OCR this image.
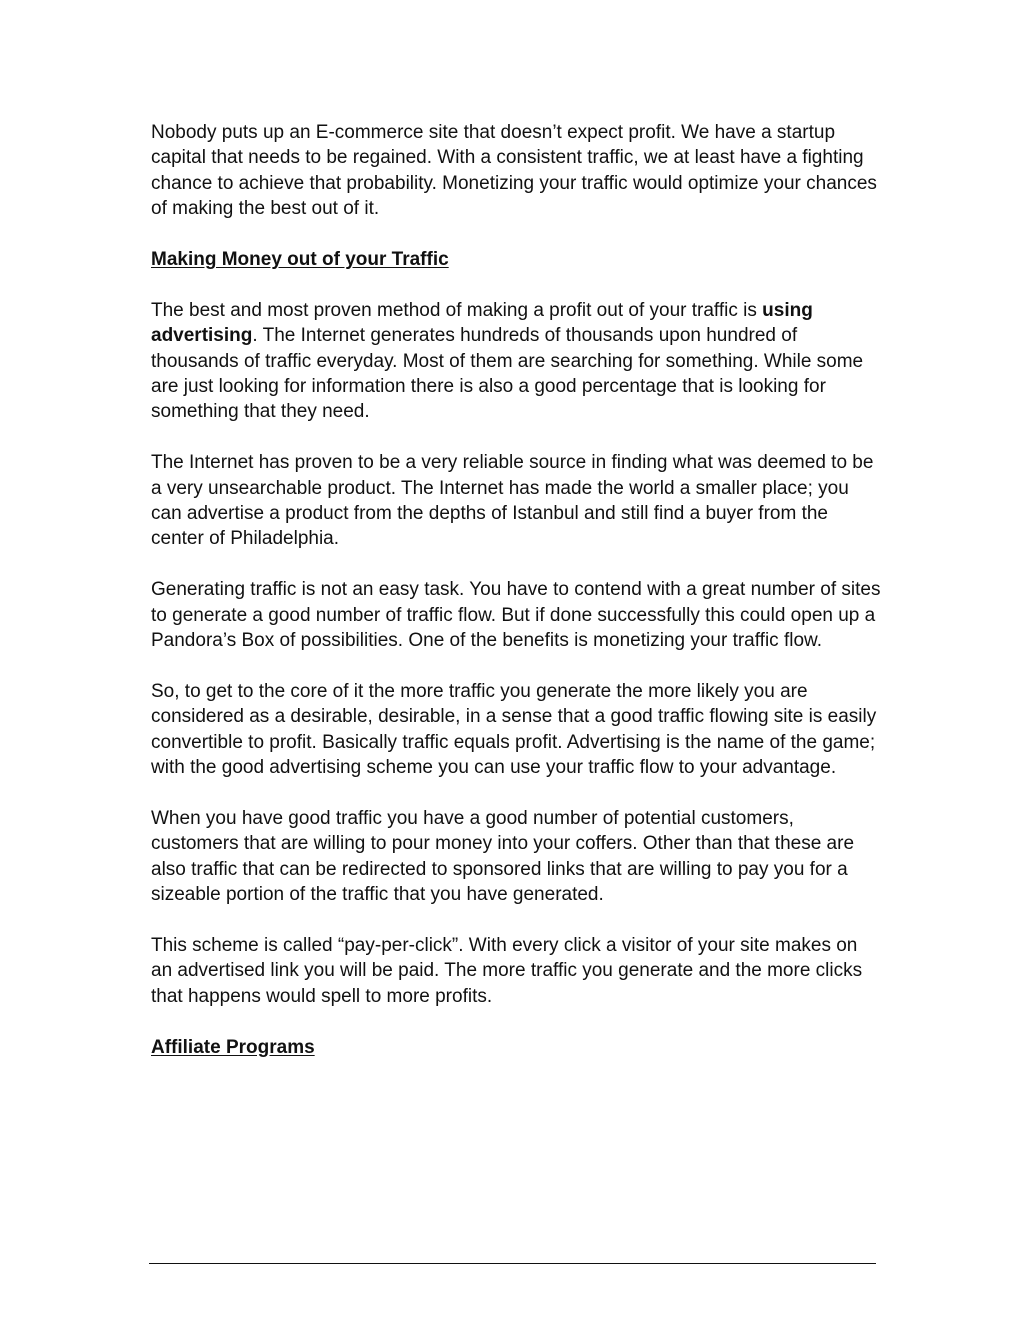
Nobody puts up an E-commerce site that doesn’t expect profit. We have a startup capital that needs to be regained. With a consistent traffic, we at least have a fighting chance to achieve that probability. Monetizing your traffic would optimize your chances of making the best out of it.

Making Money out of your Traffic

The best and most proven method of making a profit out of your traffic is using advertising. The Internet generates hundreds of thousands upon hundred of thousands of traffic everyday. Most of them are searching for something. While some are just looking for information there is also a good percentage that is looking for something that they need.

The Internet has proven to be a very reliable source in finding what was deemed to be a very unsearchable product. The Internet has made the world a smaller place; you can advertise a product from the depths of Istanbul and still find a buyer from the center of Philadelphia.

Generating traffic is not an easy task. You have to contend with a great number of sites to generate a good number of traffic flow. But if done successfully this could open up a Pandora’s Box of possibilities. One of the benefits is monetizing your traffic flow.

So, to get to the core of it the more traffic you generate the more likely you are considered as a desirable, desirable, in a sense that a good traffic flowing site is easily convertible to profit. Basically traffic equals profit. Advertising is the name of the game; with the good advertising scheme you can use your traffic flow to your advantage.

When you have good traffic you have a good number of potential customers, customers that are willing to pour money into your coffers. Other than that these are also traffic that can be redirected to sponsored links that are willing to pay you for a sizeable portion of the traffic that you have generated.

This scheme is called “pay-per-click”. With every click a visitor of your site makes on an advertised link you will be paid. The more traffic you generate and the more clicks that happens would spell to more profits.

Affiliate Programs
